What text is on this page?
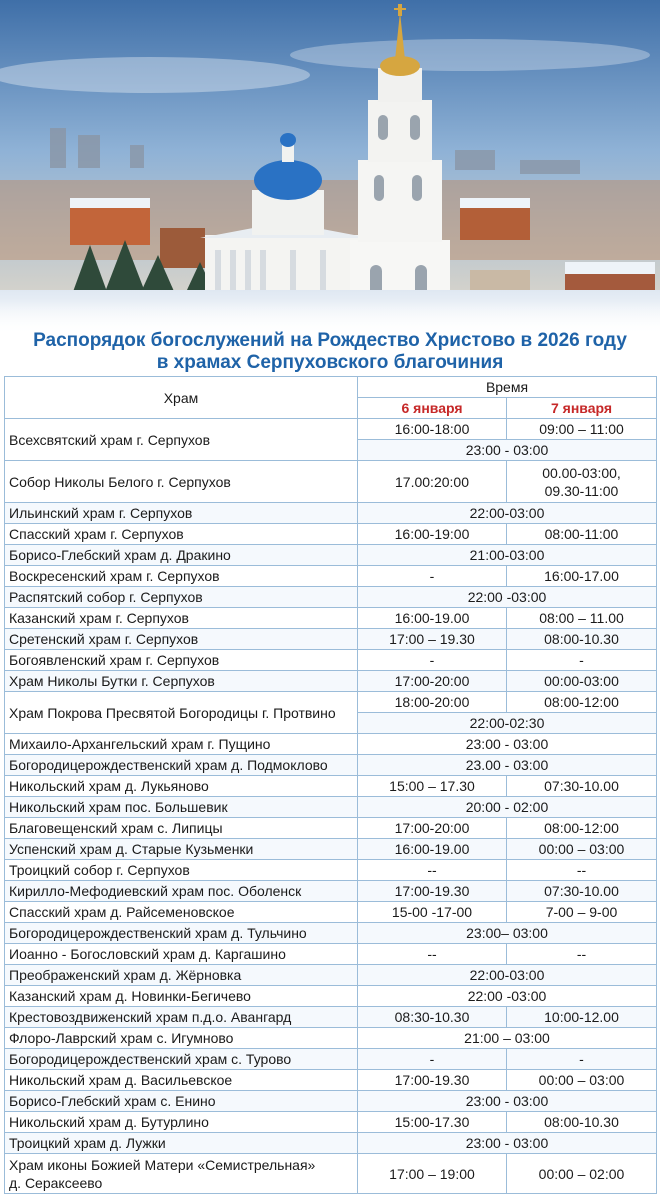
Распорядок богослужений на Рождество Христово в 2026 году
в храмах Серпуховского благочиния
Храм	Время	
	6 января	7 января
Всехсвятский храм г. Серпухов	16:00-18:00	09:00 – 11:00
	23:00 - 03:00	
Собор Николы Белого г. Серпухов	17.00:20:00	00.00-03:00,
09.30-11:00

Ильинский храм г. Серпухов	22:00-03:00	
Спасский храм г. Серпухов	16:00-19:00	08:00-11:00
Борисо-Глебский храм д. Дракино	21:00-03:00	
Воскресенский храм г. Серпухов	-	16:00-17.00
Распятский собор г. Серпухов	22:00 -03:00	
Казанский храм г. Серпухов	16:00-19.00	08:00 – 11.00
Сретенский храм г. Серпухов	17:00 – 19.30	08:00-10.30
Богоявленский храм г. Серпухов	-	-
Храм Николы Бутки г. Серпухов	17:00-20:00	00:00-03:00
Храм Покрова Пресвятой Богородицы г. Протвино	18:00-20:00	08:00-12:00
	22:00-02:30	
Михаило-Архангельский храм г. Пущино	23:00 - 03:00	
Богородицерождественский храм д. Подмоклово	23.00 - 03:00	
Никольский храм д. Лукьяново	15:00 – 17.30	07:30-10.00
Никольский храм пос. Большевик	20:00 - 02:00	
Благовещенский храм с. Липицы	17:00-20:00	08:00-12:00
Успенский храм д. Старые Кузьменки	16:00-19.00	00:00 – 03:00
Троицкий собор г. Серпухов	--	--
Кирилло-Мефодиевский храм пос. Оболенск	17:00-19.30	07:30-10.00
Спасский храм д. Райсеменовское	15-00 -17-00	7-00 – 9-00
Богородицерождественский храм д. Тульчино	23:00– 03:00	
Иоанно - Богословский храм д. Каргашино	--	--
Преображенский храм д. Жёрновка	22:00-03:00	
Казанский храм д. Новинки-Бегичево	22:00 -03:00	
Крестовоздвиженский храм п.д.о. Авангард	08:30-10.30	10:00-12.00
Флоро-Лаврский храм с. Игумново	21:00 – 03:00	
Богородицерождественский храм с. Турово	-	-
Никольский храм д. Васильевское	17:00-19.30	00:00 – 03:00
Борисо-Глебский храм с. Енино	23:00 - 03:00	
Никольский храм д. Бутурлино	15:00-17.30	08:00-10.30
Троицкий храм д. Лужки	23:00 - 03:00	

Храм иконы Божией Матери «Семистрельная»
д. Сераксеево	17:00 – 19:00	00:00 – 02:00
